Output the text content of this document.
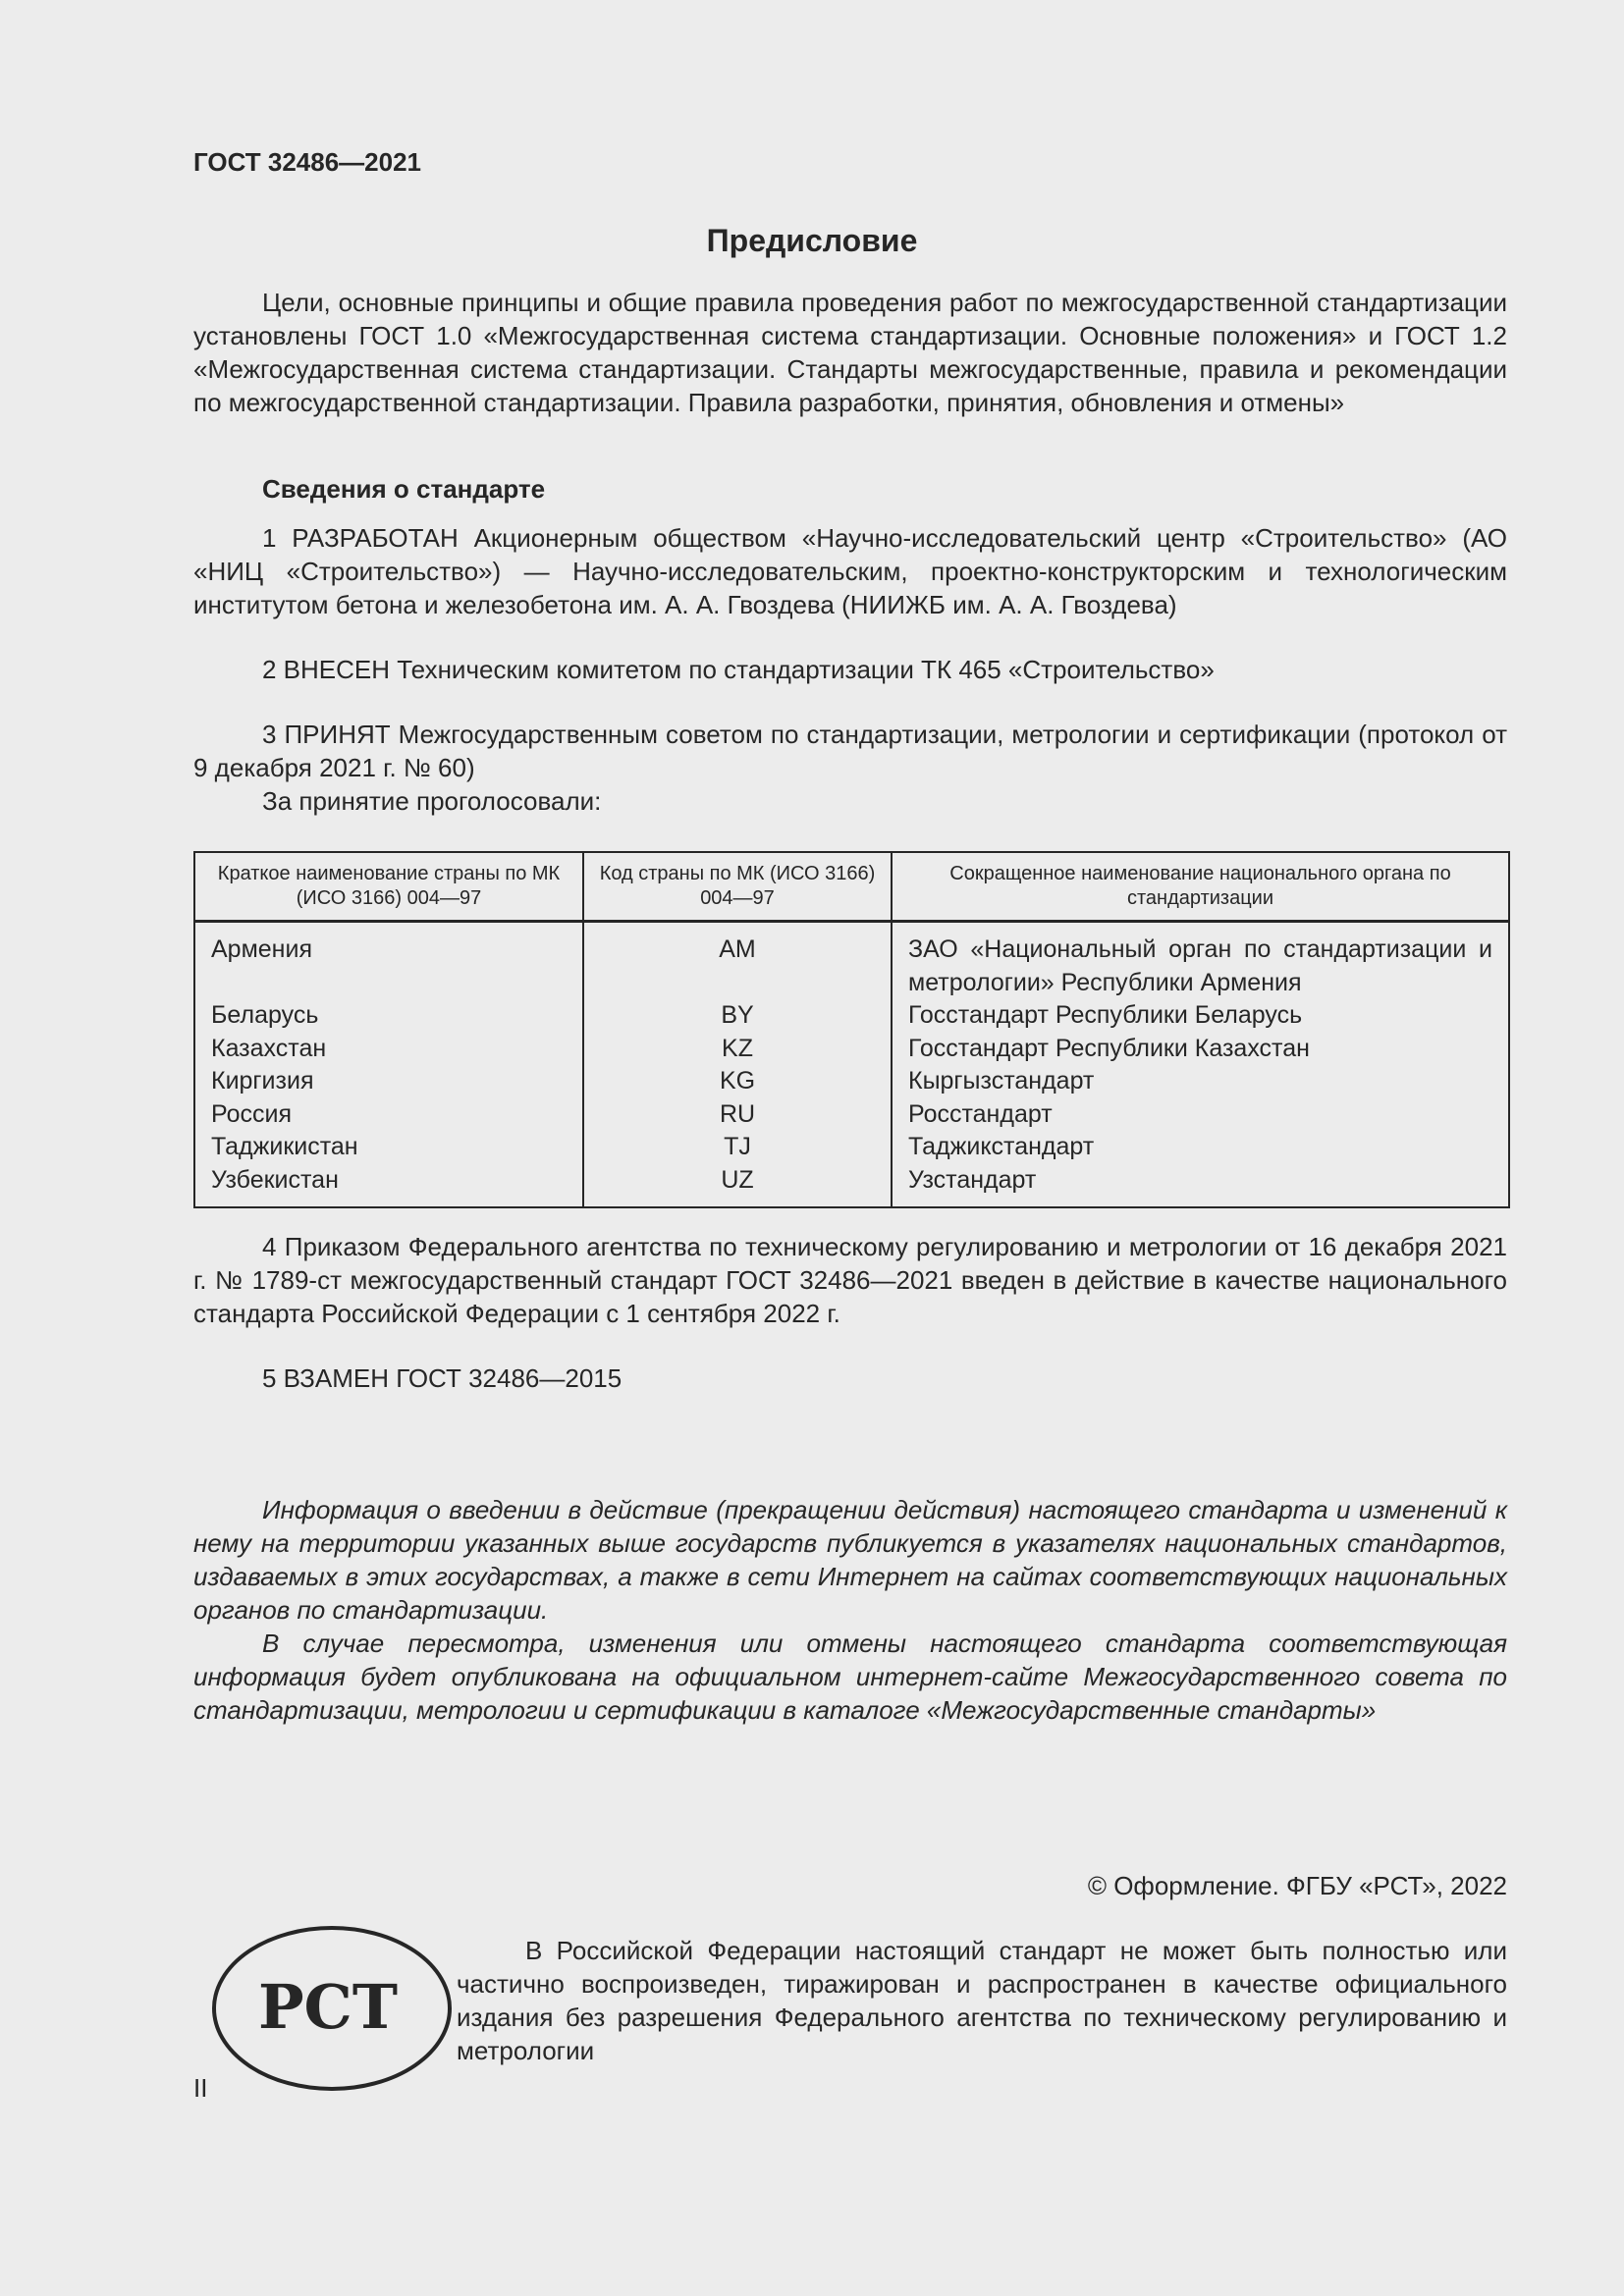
ГОСТ 32486—2021
Предисловие
Цели, основные принципы и общие правила проведения работ по межгосударственной стандартизации установлены ГОСТ 1.0 «Межгосударственная система стандартизации. Основные положения» и ГОСТ 1.2 «Межгосударственная система стандартизации. Стандарты межгосударственные, правила и рекомендации по межгосударственной стандартизации. Правила разработки, принятия, обновления и отмены»
Сведения о стандарте
1 РАЗРАБОТАН Акционерным обществом «Научно-исследовательский центр «Строительство» (АО «НИЦ «Строительство») — Научно-исследовательским, проектно-конструкторским и технологическим институтом бетона и железобетона им. А. А. Гвоздева (НИИЖБ им. А. А. Гвоздева)
2 ВНЕСЕН Техническим комитетом по стандартизации ТК 465 «Строительство»
3 ПРИНЯТ Межгосударственным советом по стандартизации, метрологии и сертификации (протокол от 9 декабря 2021 г. № 60)
За принятие проголосовали:
Краткое наименование страны по МК (ИСО 3166) 004—97	Код страны по МК (ИСО 3166) 004—97	Сокращенное наименование национального органа по стандартизации

Армения	AM	ЗАО «Национальный орган по стандартизации и метрологии» Республики Армения

Беларусь	BY	Госстандарт Республики Беларусь

Казахстан	KZ	Госстандарт Республики Казахстан

Киргизия	KG	Кыргызстандарт

Россия	RU	Росстандарт

Таджикистан	TJ	Таджикстандарт

Узбекистан	UZ	Узстандарт
4 Приказом Федерального агентства по техническому регулированию и метрологии от 16 декабря 2021 г. № 1789-ст межгосударственный стандарт ГОСТ 32486—2021 введен в действие в качестве национального стандарта Российской Федерации с 1 сентября 2022 г.
5 ВЗАМЕН ГОСТ 32486—2015
Информация о введении в действие (прекращении действия) настоящего стандарта и изменений к нему на территории указанных выше государств публикуется в указателях национальных стандартов, издаваемых в этих государствах, а также в сети Интернет на сайтах соответствующих национальных органов по стандартизации.
В случае пересмотра, изменения или отмены настоящего стандарта соответствующая информация будет опубликована на официальном интернет-сайте Межгосударственного совета по стандартизации, метрологии и сертификации в каталоге «Межгосударственные стандарты»
© Оформление. ФГБУ «РСТ», 2022
В Российской Федерации настоящий стандарт не может быть полностью или частично воспроизведен, тиражирован и распространен в качестве официального издания без разрешения Федерального агентства по техническому регулированию и метрологии
РСТ
II
